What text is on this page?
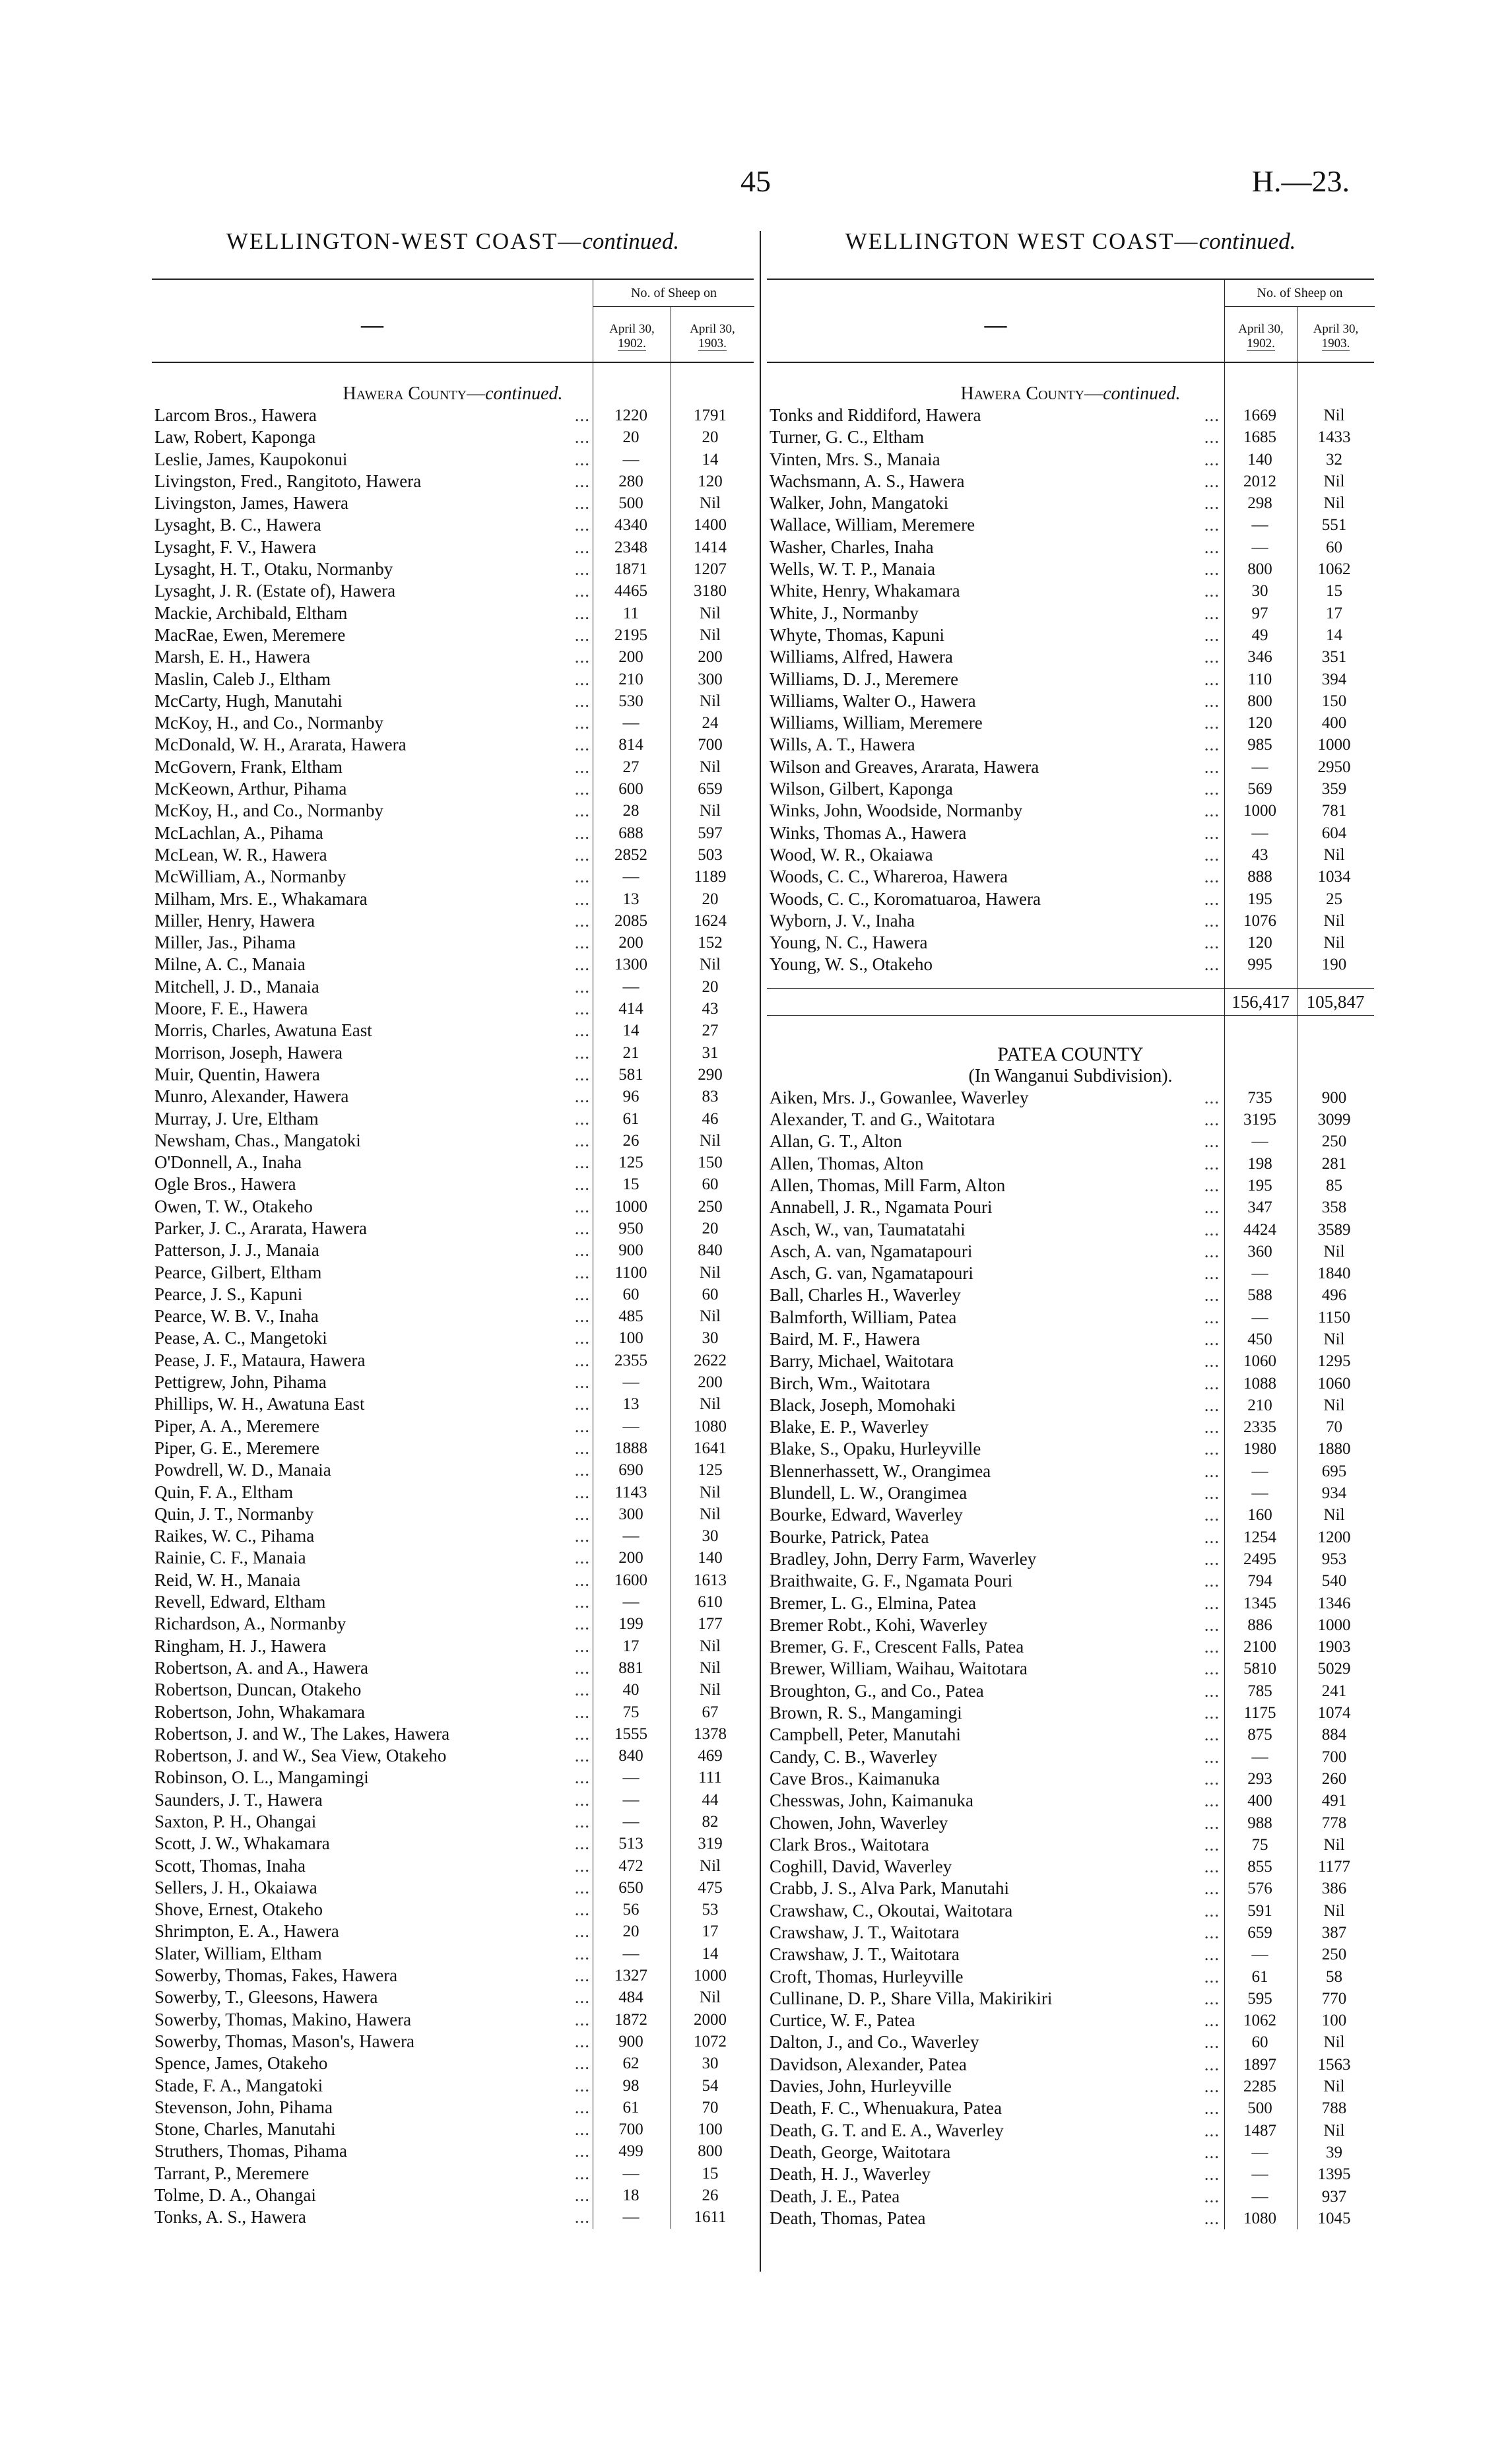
45	H.—23.
WELLINGTON-WEST COAST—continued.
—
No. of Sheep on
April 30,
1902.
April 30,
1903.
Hawera County—continued.
Larcom Bros., Hawera	...	1220	1791
Law, Robert, Kaponga	...	20	20
Leslie, James, Kaupokonui	...	—	14
Livingston, Fred., Rangitoto, Hawera	...	280	120
Livingston, James, Hawera	...	500	Nil
Lysaght, B. C., Hawera	...	4340	1400
Lysaght, F. V., Hawera	...	2348	1414
Lysaght, H. T., Otaku, Normanby	...	1871	1207
Lysaght, J. R. (Estate of), Hawera	...	4465	3180
Mackie, Archibald, Eltham	...	11	Nil
MacRae, Ewen, Meremere	...	2195	Nil
Marsh, E. H., Hawera	...	200	200
Maslin, Caleb J., Eltham	...	210	300
McCarty, Hugh, Manutahi	...	530	Nil
McKoy, H., and Co., Normanby	...	—	24
McDonald, W. H., Ararata, Hawera	...	814	700
McGovern, Frank, Eltham	...	27	Nil
McKeown, Arthur, Pihama	...	600	659
McKoy, H., and Co., Normanby	...	28	Nil
McLachlan, A., Pihama	...	688	597
McLean, W. R., Hawera	...	2852	503
McWilliam, A., Normanby	...	—	1189
Milham, Mrs. E., Whakamara	...	13	20
Miller, Henry, Hawera	...	2085	1624
Miller, Jas., Pihama	...	200	152
Milne, A. C., Manaia	...	1300	Nil
Mitchell, J. D., Manaia	...	—	20
Moore, F. E., Hawera	...	414	43
Morris, Charles, Awatuna East	...	14	27
Morrison, Joseph, Hawera	...	21	31
Muir, Quentin, Hawera	...	581	290
Munro, Alexander, Hawera	...	96	83
Murray, J. Ure, Eltham	...	61	46
Newsham, Chas., Mangatoki	...	26	Nil
O'Donnell, A., Inaha	...	125	150
Ogle Bros., Hawera	...	15	60
Owen, T. W., Otakeho	...	1000	250
Parker, J. C., Ararata, Hawera	...	950	20
Patterson, J. J., Manaia	...	900	840
Pearce, Gilbert, Eltham	...	1100	Nil
Pearce, J. S., Kapuni	...	60	60
Pearce, W. B. V., Inaha	...	485	Nil
Pease, A. C., Mangetoki	...	100	30
Pease, J. F., Mataura, Hawera	...	2355	2622
Pettigrew, John, Pihama	...	—	200
Phillips, W. H., Awatuna East	...	13	Nil
Piper, A. A., Meremere	...	—	1080
Piper, G. E., Meremere	...	1888	1641
Powdrell, W. D., Manaia	...	690	125
Quin, F. A., Eltham	...	1143	Nil
Quin, J. T., Normanby	...	300	Nil
Raikes, W. C., Pihama	...	—	30
Rainie, C. F., Manaia	...	200	140
Reid, W. H., Manaia	...	1600	1613
Revell, Edward, Eltham	...	—	610
Richardson, A., Normanby	...	199	177
Ringham, H. J., Hawera	...	17	Nil
Robertson, A. and A., Hawera	...	881	Nil
Robertson, Duncan, Otakeho	...	40	Nil
Robertson, John, Whakamara	...	75	67
Robertson, J. and W., The Lakes, Hawera	...	1555	1378
Robertson, J. and W., Sea View, Otakeho	...	840	469
Robinson, O. L., Mangamingi	...	—	111
Saunders, J. T., Hawera	...	—	44
Saxton, P. H., Ohangai	...	—	82
Scott, J. W., Whakamara	...	513	319
Scott, Thomas, Inaha	...	472	Nil
Sellers, J. H., Okaiawa	...	650	475
Shove, Ernest, Otakeho	...	56	53
Shrimpton, E. A., Hawera	...	20	17
Slater, William, Eltham	...	—	14
Sowerby, Thomas, Fakes, Hawera	...	1327	1000
Sowerby, T., Gleesons, Hawera	...	484	Nil
Sowerby, Thomas, Makino, Hawera	...	1872	2000
Sowerby, Thomas, Mason's, Hawera	...	900	1072
Spence, James, Otakeho	...	62	30
Stade, F. A., Mangatoki	...	98	54
Stevenson, John, Pihama	...	61	70
Stone, Charles, Manutahi	...	700	100
Struthers, Thomas, Pihama	...	499	800
Tarrant, P., Meremere	...	—	15
Tolme, D. A., Ohangai	...	18	26
Tonks, A. S., Hawera	...	—	1611
WELLINGTON WEST COAST—continued.
—
No. of Sheep on
April 30,
1902.
April 30,
1903.
Hawera County—continued.
Tonks and Riddiford, Hawera	...	1669	Nil
Turner, G. C., Eltham	...	1685	1433
Vinten, Mrs. S., Manaia	...	140	32
Wachsmann, A. S., Hawera	...	2012	Nil
Walker, John, Mangatoki	...	298	Nil
Wallace, William, Meremere	...	—	551
Washer, Charles, Inaha	...	—	60
Wells, W. T. P., Manaia	...	800	1062
White, Henry, Whakamara	...	30	15
White, J., Normanby	...	97	17
Whyte, Thomas, Kapuni	...	49	14
Williams, Alfred, Hawera	...	346	351
Williams, D. J., Meremere	...	110	394
Williams, Walter O., Hawera	...	800	150
Williams, William, Meremere	...	120	400
Wills, A. T., Hawera	...	985	1000
Wilson and Greaves, Ararata, Hawera	...	—	2950
Wilson, Gilbert, Kaponga	...	569	359
Winks, John, Woodside, Normanby	...	1000	781
Winks, Thomas A., Hawera	...	—	604
Wood, W. R., Okaiawa	...	43	Nil
Woods, C. C., Whareroa, Hawera	...	888	1034
Woods, C. C., Koromatuaroa, Hawera	...	195	25
Wyborn, J. V., Inaha	...	1076	Nil
Young, N. C., Hawera	...	120	Nil
Young, W. S., Otakeho	...	995	190
156,417 105,847
PATEA COUNTY
(In Wanganui Subdivision).
Aiken, Mrs. J., Gowanlee, Waverley	...	735	900
Alexander, T. and G., Waitotara	...	3195	3099
Allan, G. T., Alton	...	—	250
Allen, Thomas, Alton	...	198	281
Allen, Thomas, Mill Farm, Alton	...	195	85
Annabell, J. R., Ngamata Pouri	...	347	358
Asch, W., van, Taumatatahi	...	4424	3589
Asch, A. van, Ngamatapouri	...	360	Nil
Asch, G. van, Ngamatapouri	...	—	1840
Ball, Charles H., Waverley	...	588	496
Balmforth, William, Patea	...	—	1150
Baird, M. F., Hawera	...	450	Nil
Barry, Michael, Waitotara	...	1060	1295
Birch, Wm., Waitotara	...	1088	1060
Black, Joseph, Momohaki	...	210	Nil
Blake, E. P., Waverley	...	2335	70
Blake, S., Opaku, Hurleyville	...	1980	1880
Blennerhassett, W., Orangimea	...	—	695
Blundell, L. W., Orangimea	...	—	934
Bourke, Edward, Waverley	...	160	Nil
Bourke, Patrick, Patea	...	1254	1200
Bradley, John, Derry Farm, Waverley	...	2495	953
Braithwaite, G. F., Ngamata Pouri	...	794	540
Bremer, L. G., Elmina, Patea	...	1345	1346
Bremer Robt., Kohi, Waverley	...	886	1000
Bremer, G. F., Crescent Falls, Patea	...	2100	1903
Brewer, William, Waihau, Waitotara	...	5810	5029
Broughton, G., and Co., Patea	...	785	241
Brown, R. S., Mangamingi	...	1175	1074
Campbell, Peter, Manutahi	...	875	884
Candy, C. B., Waverley	...	—	700
Cave Bros., Kaimanuka	...	293	260
Chesswas, John, Kaimanuka	...	400	491
Chowen, John, Waverley	...	988	778
Clark Bros., Waitotara	...	75	Nil
Coghill, David, Waverley	...	855	1177
Crabb, J. S., Alva Park, Manutahi	...	576	386
Crawshaw, C., Okoutai, Waitotara	...	591	Nil
Crawshaw, J. T., Waitotara	...	659	387
Crawshaw, J. T., Waitotara	...	—	250
Croft, Thomas, Hurleyville	...	61	58
Cullinane, D. P., Share Villa, Makirikiri	...	595	770
Curtice, W. F., Patea	...	1062	100
Dalton, J., and Co., Waverley	...	60	Nil
Davidson, Alexander, Patea	...	1897	1563
Davies, John, Hurleyville	...	2285	Nil
Death, F. C., Whenuakura, Patea	...	500	788
Death, G. T. and E. A., Waverley	...	1487	Nil
Death, George, Waitotara	...	—	39
Death, H. J., Waverley	...	—	1395
Death, J. E., Patea	...	—	937
Death, Thomas, Patea	...	1080	1045
